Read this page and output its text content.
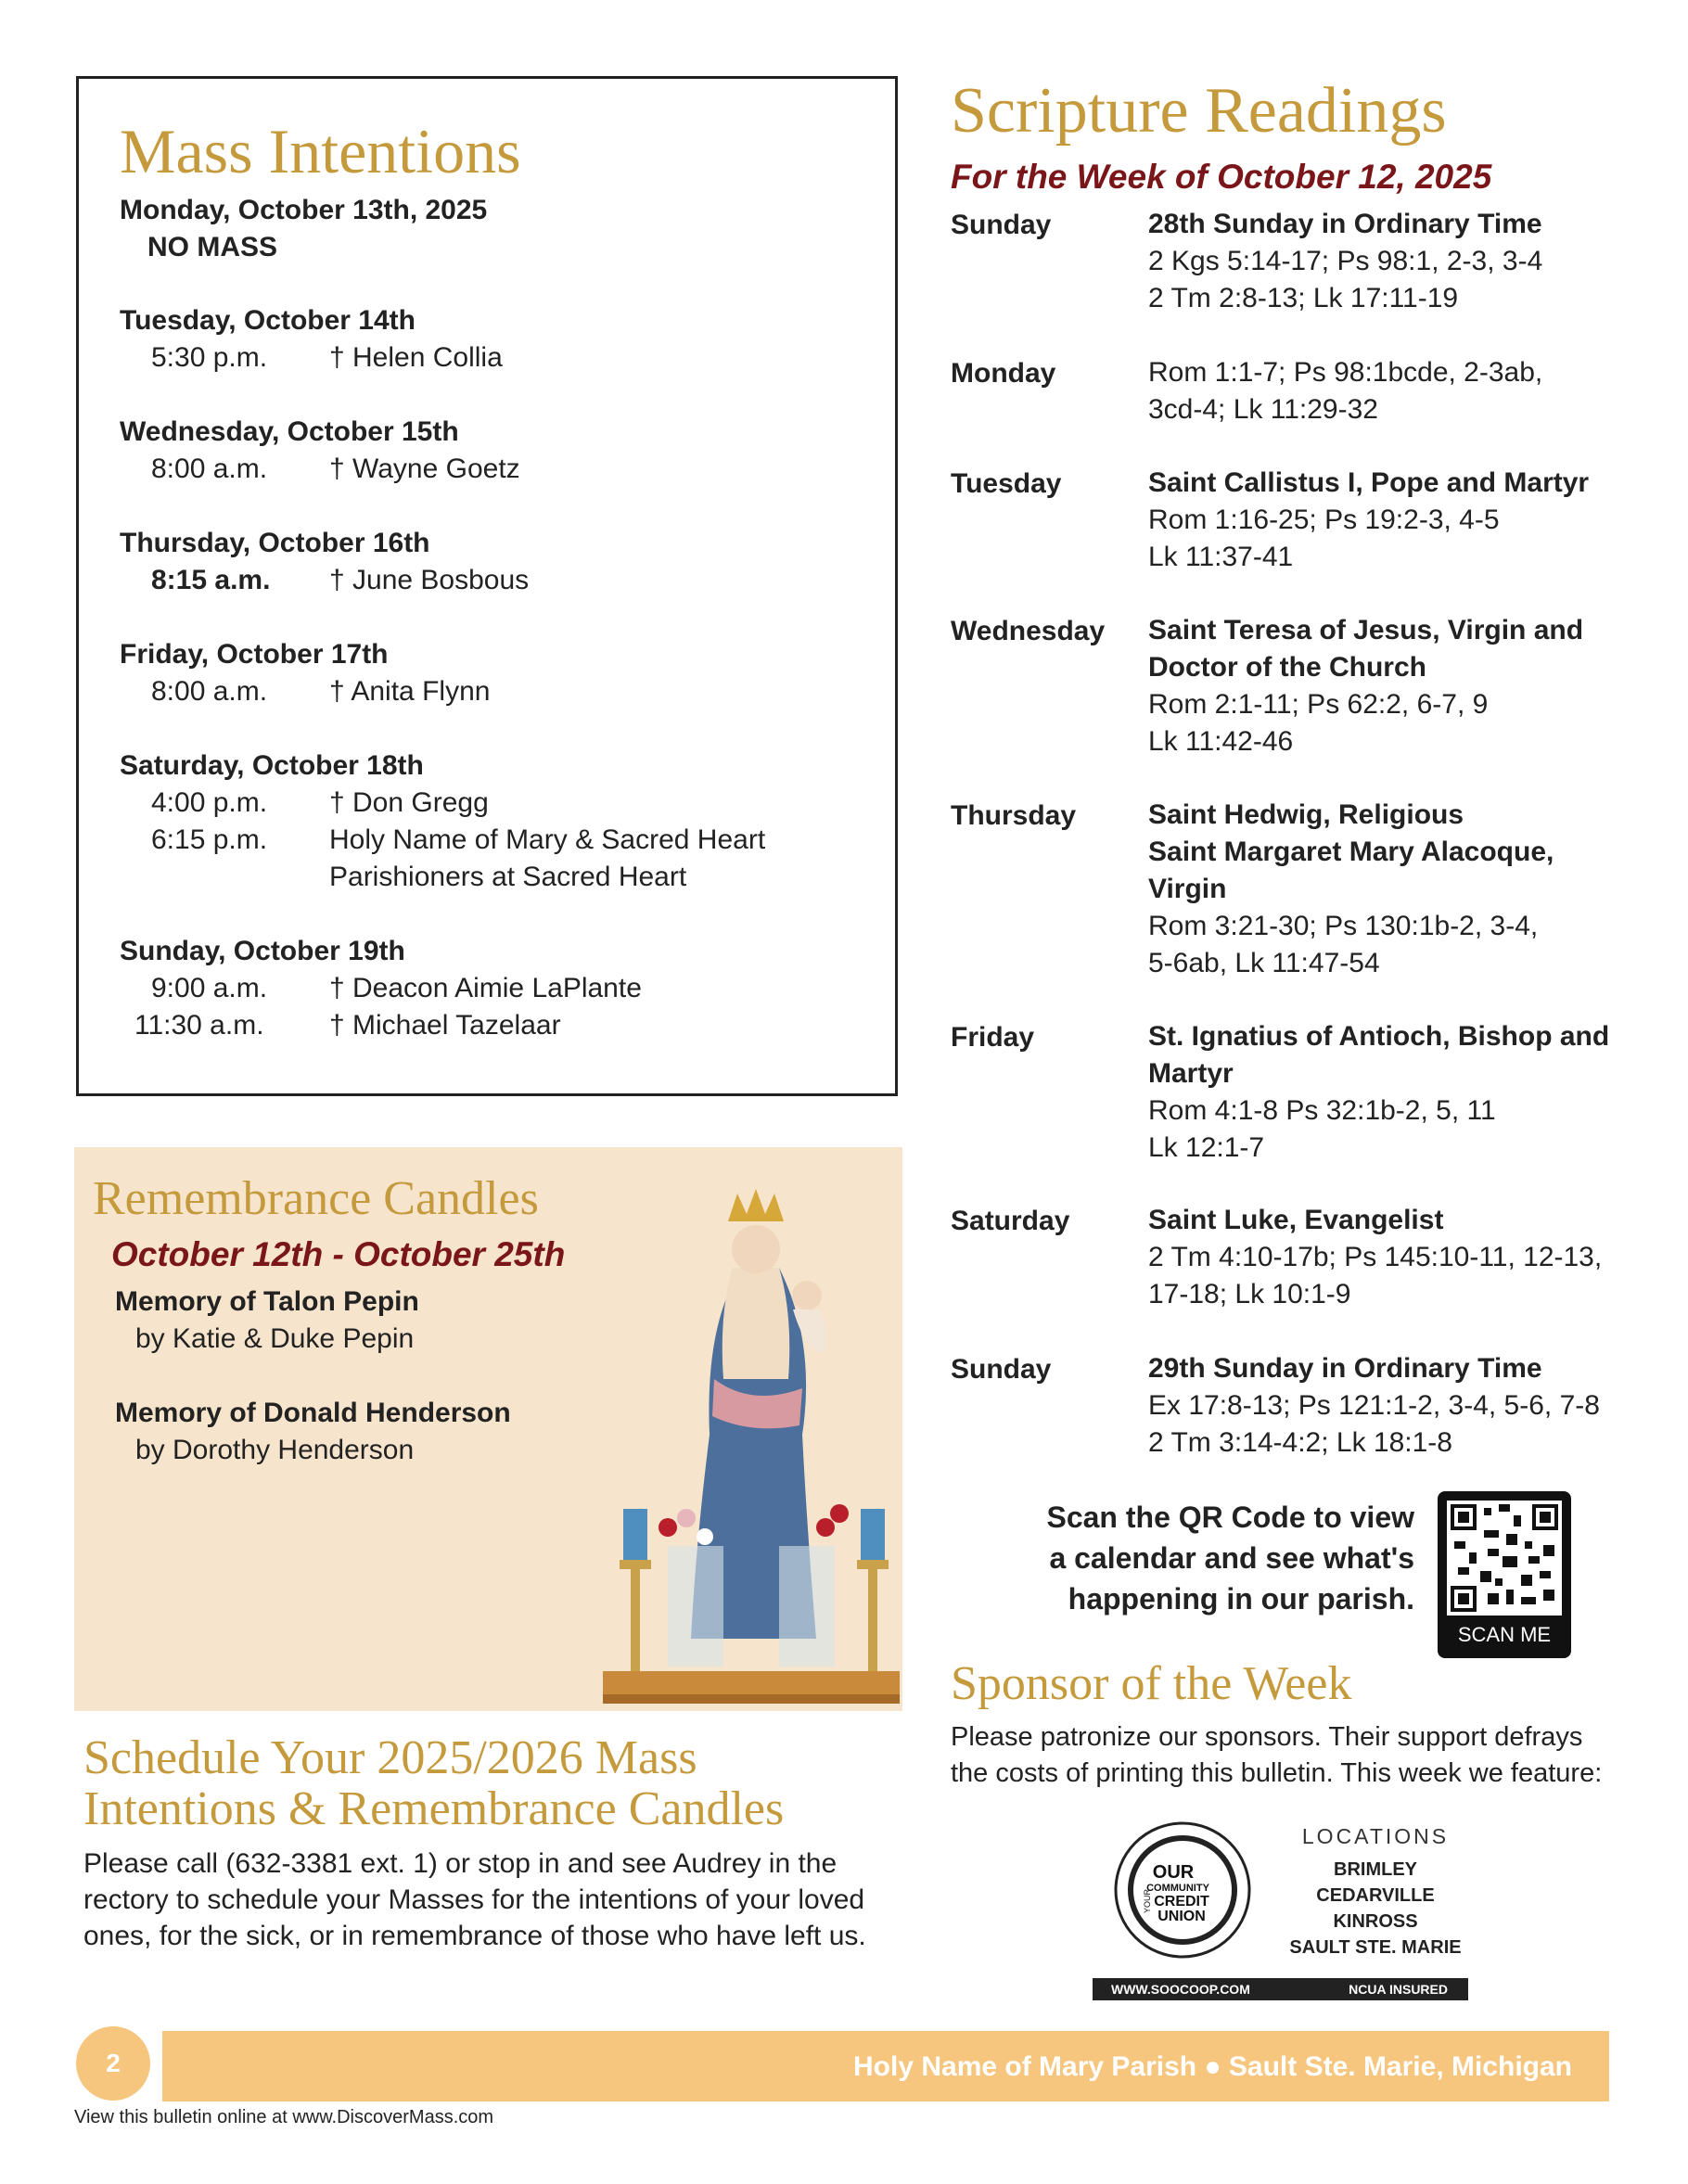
Mass Intentions
Monday, October 13th, 2025
NO MASS
Tuesday, October 14th
5:30 p.m.	† Helen Collia
Wednesday, October 15th
8:00 a.m.	† Wayne Goetz
Thursday, October 16th
8:15 a.m.	† June Bosbous
Friday, October 17th
8:00 a.m.	† Anita Flynn
Saturday, October 18th
4:00 p.m.	† Don Gregg
6:15 p.m.	Holy Name of Mary & Sacred Heart
Parishioners at Sacred Heart
Sunday, October 19th
9:00 a.m.	† Deacon Aimie LaPlante
11:30 a.m.	† Michael Tazelaar
Remembrance Candles
October 12th - October 25th
Memory of Talon Pepin
by Katie & Duke Pepin
Memory of Donald Henderson
by Dorothy Henderson
Schedule Your 2025/2026 Mass
Intentions & Remembrance Candles
Please call (632-3381 ext. 1) or stop in and see Audrey in the rectory to schedule your Masses for the intentions of your loved ones, for the sick, or in remembrance of those who have left us.
Scripture Readings
For the Week of October 12, 2025
Sunday	28th Sunday in Ordinary Time
2 Kgs 5:14-17; Ps 98:1, 2-3, 3-4
2 Tm 2:8-13; Lk 17:11-19
Monday	Rom 1:1-7; Ps 98:1bcde, 2-3ab,
3cd-4; Lk 11:29-32
Tuesday	Saint Callistus I, Pope and Martyr
Rom 1:16-25; Ps 19:2-3, 4-5
Lk 11:37-41
Wednesday Saint Teresa of Jesus, Virgin and
Doctor of the Church
Rom 2:1-11; Ps 62:2, 6-7, 9
Lk 11:42-46
Thursday	Saint Hedwig, Religious
Saint Margaret Mary Alacoque,
Virgin
Rom 3:21-30; Ps 130:1b-2, 3-4,
5-6ab, Lk 11:47-54
Friday	St. Ignatius of Antioch, Bishop and
Martyr
Rom 4:1-8 Ps 32:1b-2, 5, 11
Lk 12:1-7
Saturday	Saint Luke, Evangelist
2 Tm 4:10-17b; Ps 145:10-11, 12-13,
17-18; Lk 10:1-9
Sunday	29th Sunday in Ordinary Time
Ex 17:8-13; Ps 121:1-2, 3-4, 5-6, 7-8
2 Tm 3:14-4:2; Lk 18:1-8
Scan the QR Code to view
a calendar and see what's
happening in our parish.
SCAN ME
Sponsor of the Week
Please patronize our sponsors. Their support defrays the costs of printing this bulletin. This week we feature:
OUR
COMMUNITY
CREDIT
UNION
YOUR
LOCATIONS
BRIMLEY
CEDARVILLE
KINROSS
SAULT STE. MARIE
WWW.SOOCOOP.COM	NCUA INSURED
2	Holy Name of Mary Parish ● Sault Ste. Marie, Michigan
View this bulletin online at www.DiscoverMass.com
